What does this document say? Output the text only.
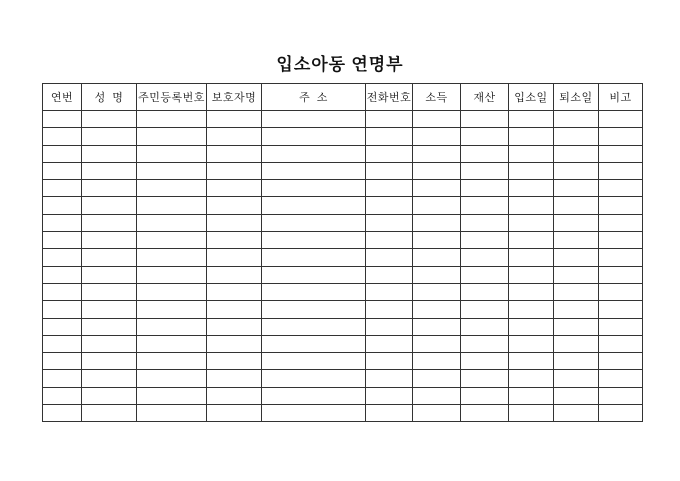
입소아동 연명부
연번	성  명	주민등록번호	보호자명	주  소	전화번호	소득	재산	입소일	퇴소일	비고
